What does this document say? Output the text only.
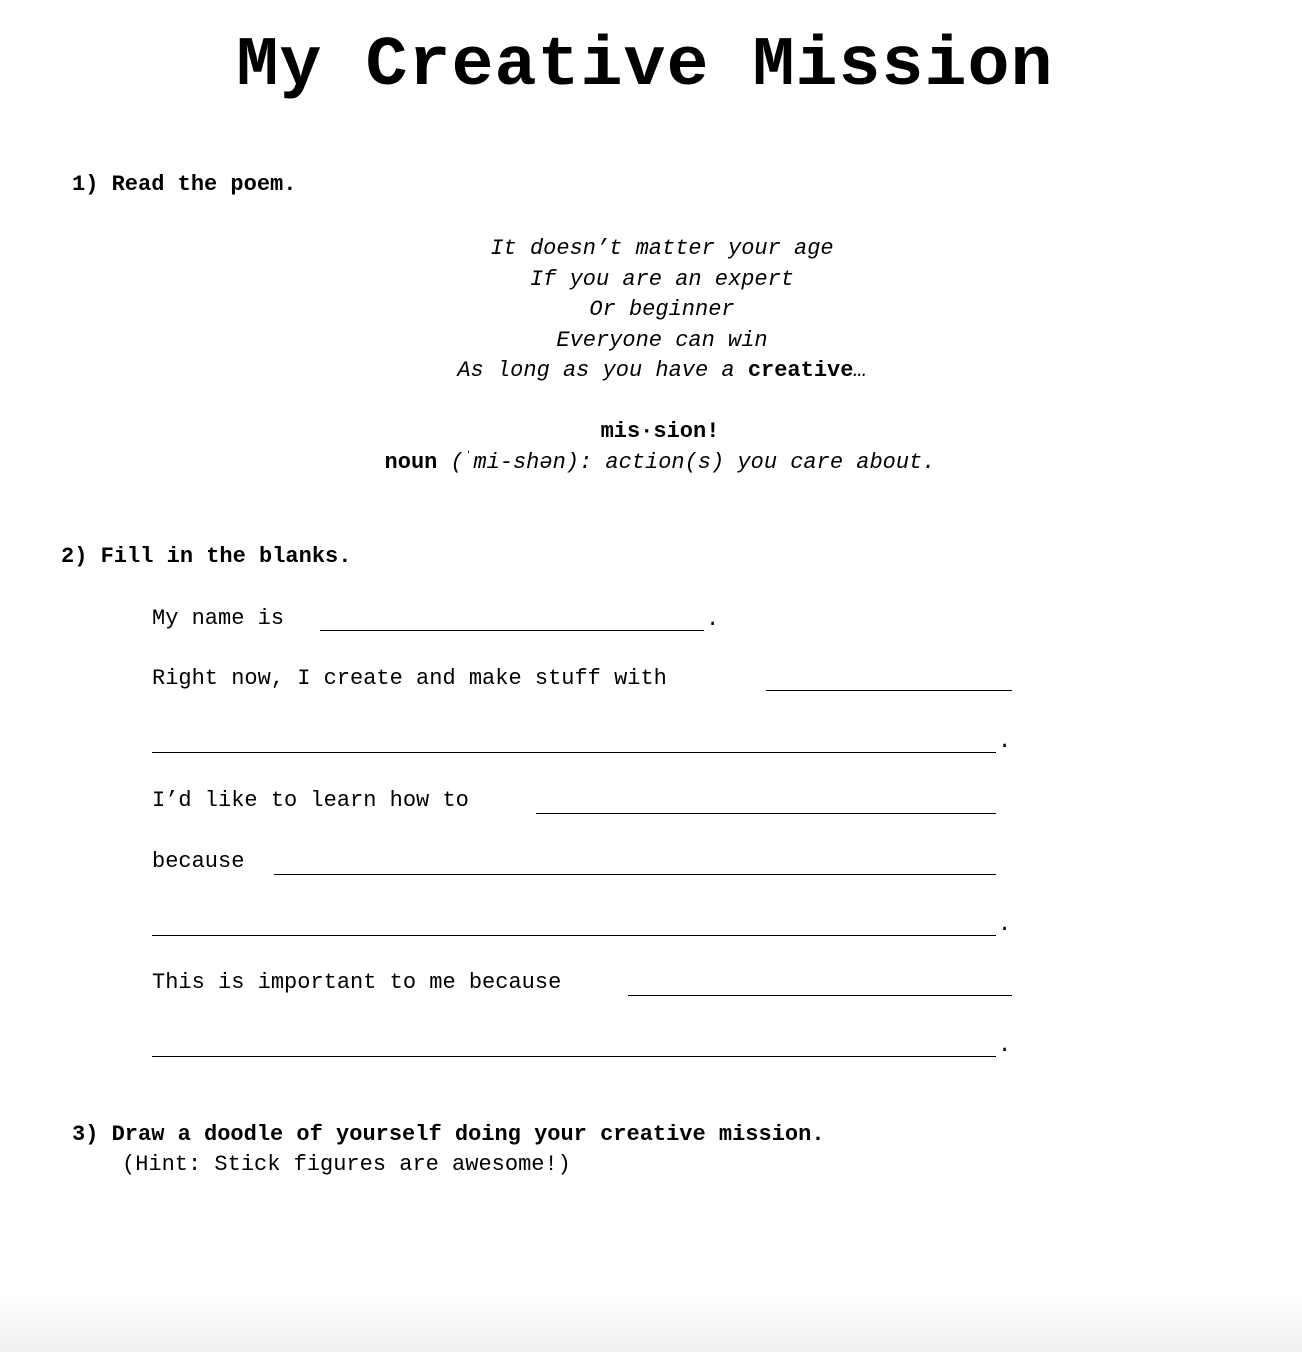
My Creative Mission
1) Read the poem.
It doesn’t matter your age
If you are an expert
Or beginner
Everyone can win
As long as you have a creative…
mis·sion!
noun (ˈmi-shən): action(s) you care about.
2) Fill in the blanks.
My name is	.
Right now, I create and make stuff with
.
I’d like to learn how to
because
.
This is important to me because
.
3) Draw a doodle of yourself doing your creative mission.
(Hint: Stick figures are awesome!)
